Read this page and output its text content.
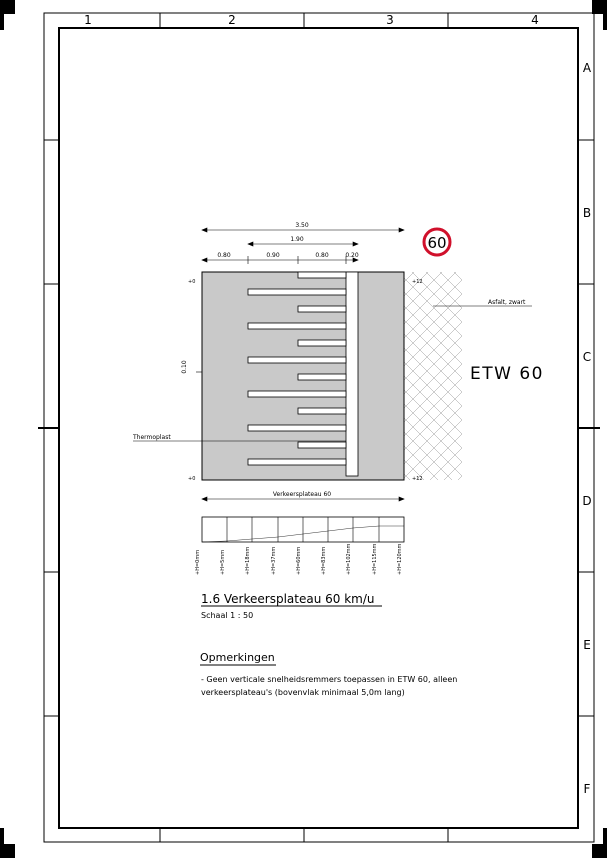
1	2	3	4
A
B
C
D
E
F
3.50
1.90
0.80	0.90	0.80	0.20
60
+0
+0
+12
+12
0.10
Asfalt, zwart
Thermoplast
ETW 60
Verkeersplateau 60
+H=0mm	+H=5mm	+H=18mm	+H=37mm	+H=60mm	+H=83mm	+H=102mm	+H=115mm	+H=120mm
1.6 Verkeersplateau 60 km/u
Schaal 1 : 50
Opmerkingen
- Geen verticale snelheidsremmers toepassen in ETW 60, alleen
verkeersplateau's (bovenvlak minimaal 5,0m lang)
